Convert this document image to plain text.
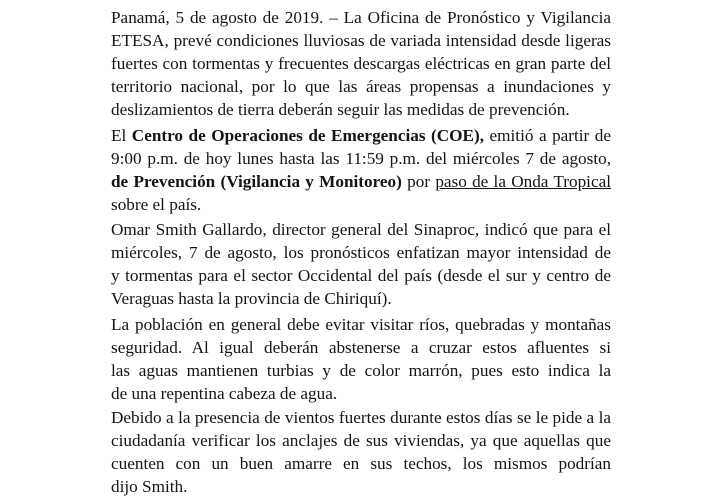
Panamá, 5 de agosto de 2019. – La Oficina de Pronóstico y Vigilancia
ETESA, prevé condiciones lluviosas de variada intensidad desde ligeras
fuertes con tormentas y frecuentes descargas eléctricas en gran parte del
territorio nacional, por lo que las áreas propensas a inundaciones y
deslizamientos de tierra deberán seguir las medidas de prevención.
El Centro de Operaciones de Emergencias (COE), emitió a partir de
9:00 p.m. de hoy lunes hasta las 11:59 p.m. del miércoles 7 de agosto,
de Prevención (Vigilancia y Monitoreo) por paso de la Onda Tropical
sobre el país.
Omar Smith Gallardo, director general del Sinaproc, indicó que para el
miércoles, 7 de agosto, los pronósticos enfatizan mayor intensidad de
y tormentas para el sector Occidental del país (desde el sur y centro de
Veraguas hasta la provincia de Chiriquí).
La población en general debe evitar visitar ríos, quebradas y montañas
seguridad. Al igual deberán abstenerse a cruzar estos afluentes si
las aguas mantienen turbias y de color marrón, pues esto indica la
de una repentina cabeza de agua.
Debido a la presencia de vientos fuertes durante estos días se le pide a la
ciudadanía verificar los anclajes de sus viviendas, ya que aquellas que
cuenten con un buen amarre en sus techos, los mismos podrían
dijo Smith.
